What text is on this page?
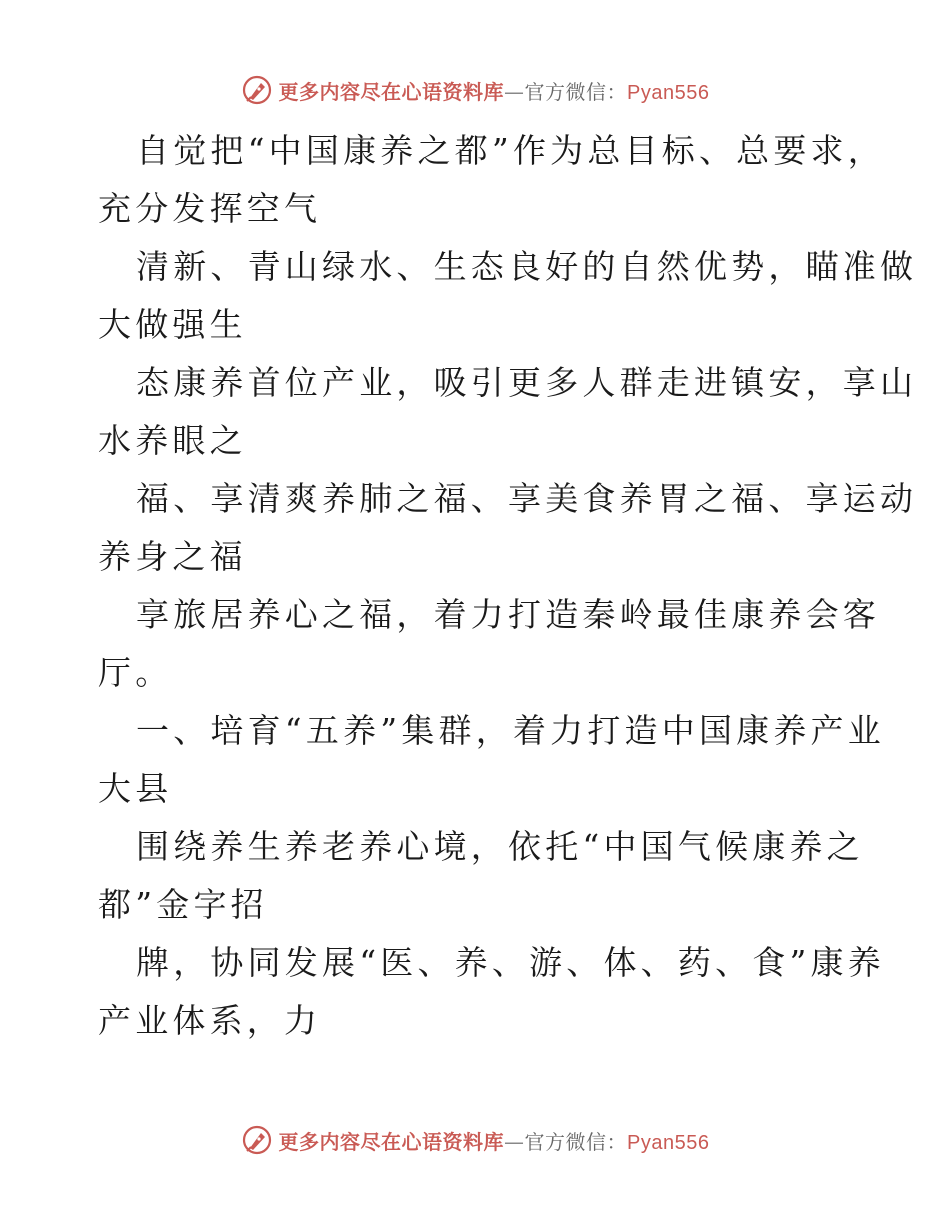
更多内容尽在心语资料库—官方微信：Pyan556
自觉把“中国康养之都”作为总目标、总要求，
充分发挥空气
清新、青山绿水、生态良好的自然优势，瞄准做
大做强生
态康养首位产业，吸引更多人群走进镇安，享山
水养眼之
福、享清爽养肺之福、享美食养胃之福、享运动
养身之福
享旅居养心之福，着力打造秦岭最佳康养会客
厅。
一、培育“五养”集群，着力打造中国康养产业
大县
围绕养生养老养心境，依托“中国气候康养之
都”金字招
牌，协同发展“医、养、游、体、药、食”康养
产业体系，力
更多内容尽在心语资料库—官方微信：Pyan556
